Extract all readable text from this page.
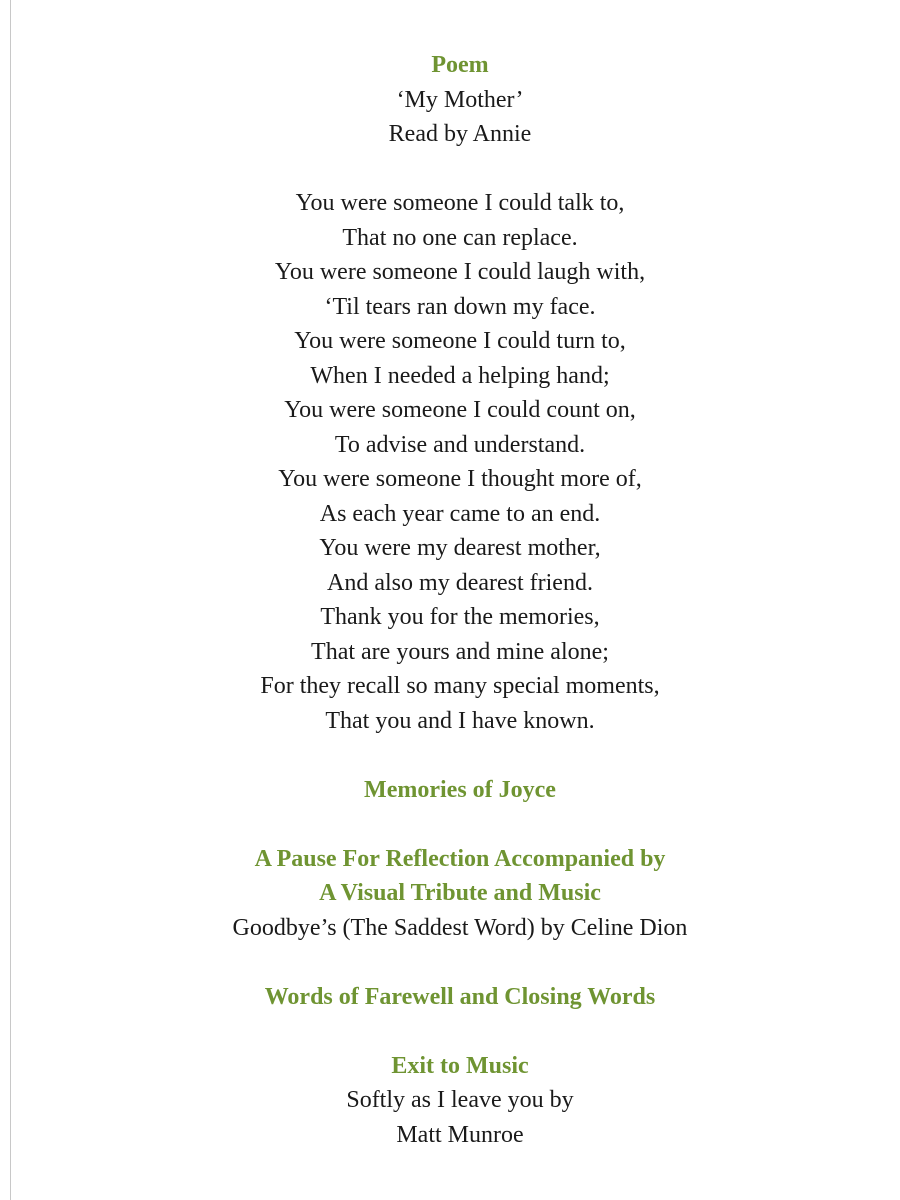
Poem
‘My Mother’
Read by Annie
You were someone I could talk to,
That no one can replace.
You were someone I could laugh with,
‘Til tears ran down my face.
You were someone I could turn to,
When I needed a helping hand;
You were someone I could count on,
To advise and understand.
You were someone I thought more of,
As each year came to an end.
You were my dearest mother,
And also my dearest friend.
Thank you for the memories,
That are yours and mine alone;
For they recall so many special moments,
That you and I have known.
Memories of Joyce
A Pause For Reflection Accompanied by
A Visual Tribute and Music
Goodbye’s (The Saddest Word) by Celine Dion
Words of Farewell and Closing Words
Exit to Music
Softly as I leave you by
Matt Munroe
